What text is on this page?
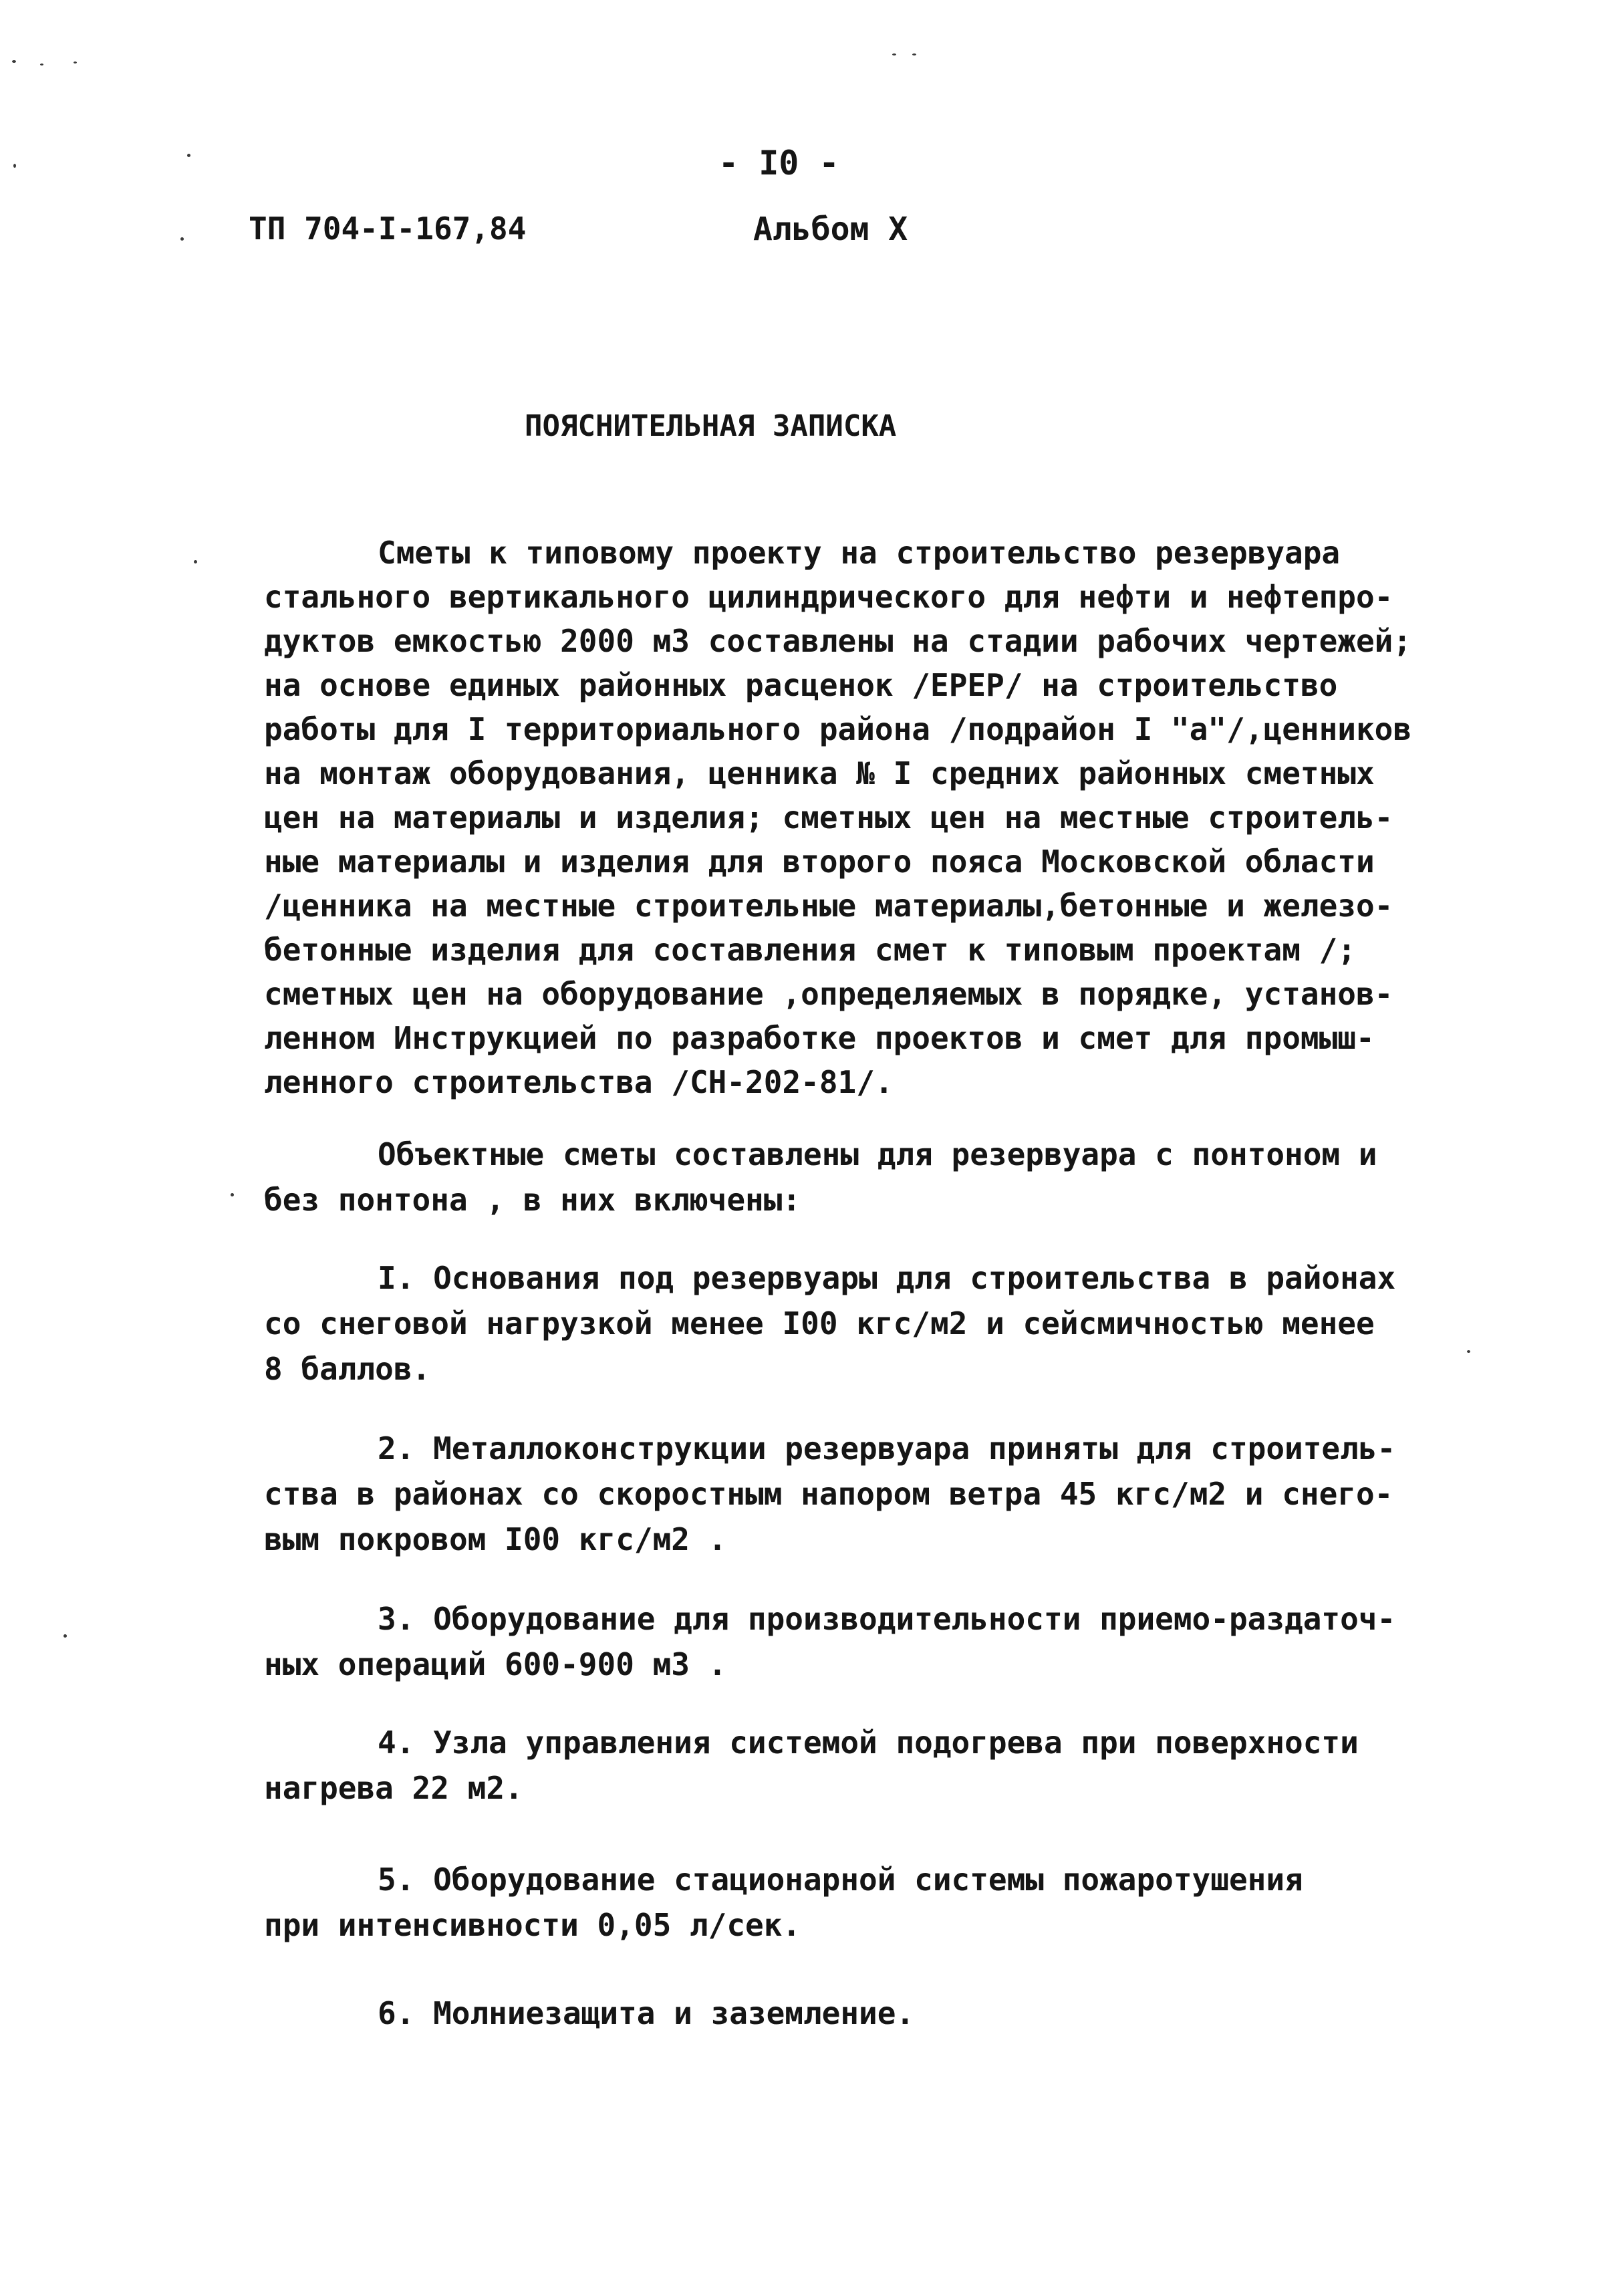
- I0 -
ТП 704-I-167,84	Альбом X
ПОЯСНИТЕЛЬНАЯ ЗАПИСКА
Сметы к типовому проекту на строительство резервуара
стального вертикального цилиндрического для нефти и нефтепро-
дуктов емкостью 2000 м3 составлены на стадии рабочих чертежей;
на основе единых районных расценок /ЕРЕР/ на строительство
работы для I территориального района /подрайон I "а"/,ценников
на монтаж оборудования, ценника № I средних районных сметных
цен на материалы и изделия; сметных цен на местные строитель-
ные материалы и изделия для второго пояса Московской области
/ценника на местные строительные материалы,бетонные и железо-
бетонные изделия для составления смет к типовым проектам /;
сметных цен на оборудование ,определяемых в порядке, установ-
ленном Инструкцией по разработке проектов и смет для промыш-
ленного строительства /СН-202-81/.
Объектные сметы составлены для резервуара с понтоном и
без понтона , в них включены:
I. Основания под резервуары для строительства в районах
со снеговой нагрузкой менее I00 кгс/м2 и сейсмичностью менее
8 баллов.
2. Металлоконструкции резервуара приняты для строитель-
ства в районах со скоростным напором ветра 45 кгс/м2 и снего-
вым покровом I00 кгс/м2 .
3. Оборудование для производительности приемо-раздаточ-
ных операций 600-900 м3 .
4. Узла управления системой подогрева при поверхности
нагрева 22 м2.
5. Оборудование стационарной системы пожаротушения
при интенсивности 0,05 л/сек.
6. Молниезащита и заземление.
